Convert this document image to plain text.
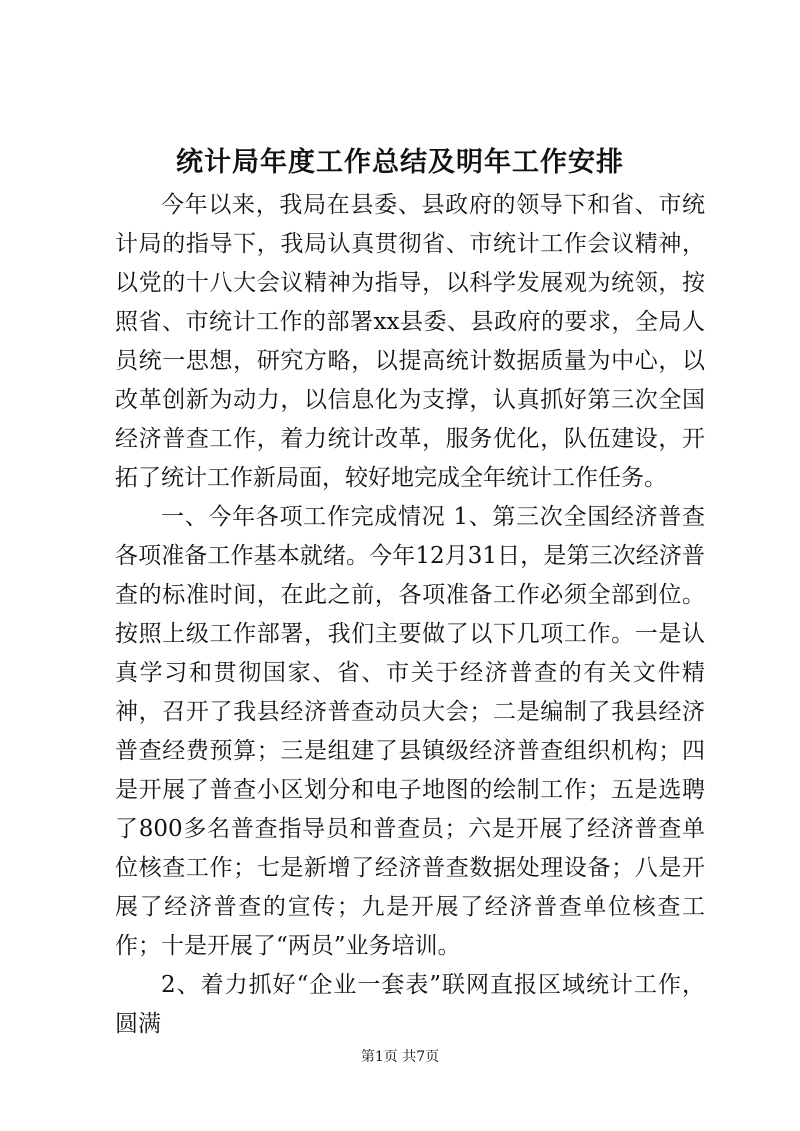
统计局年度工作总结及明年工作安排

今年以来，我局在县委、县政府的领导下和省、市统计局的指导下，我局认真贯彻省、市统计工作会议精神，以党的十八大会议精神为指导，以科学发展观为统领，按照省、市统计工作的部署xx县委、县政府的要求，全局人员统一思想，研究方略，以提高统计数据质量为中心，以改革创新为动力，以信息化为支撑，认真抓好第三次全国经济普查工作，着力统计改革，服务优化，队伍建设，开拓了统计工作新局面，较好地完成全年统计工作任务。

一、今年各项工作完成情况 1、第三次全国经济普查各项准备工作基本就绪。今年12月31日，是第三次经济普查的标准时间，在此之前，各项准备工作必须全部到位。按照上级工作部署，我们主要做了以下几项工作。一是认真学习和贯彻国家、省、市关于经济普查的有关文件精神，召开了我县经济普查动员大会；二是编制了我县经济普查经费预算；三是组建了县镇级经济普查组织机构；四是开展了普查小区划分和电子地图的绘制工作；五是选聘了800多名普查指导员和普查员；六是开展了经济普查单位核查工作；七是新增了经济普查数据处理设备；八是开展了经济普查的宣传；九是开展了经济普查单位核查工作；十是开展了“两员”业务培训。

2、着力抓好“企业一套表”联网直报区域统计工作，圆满

第1页 共7页
